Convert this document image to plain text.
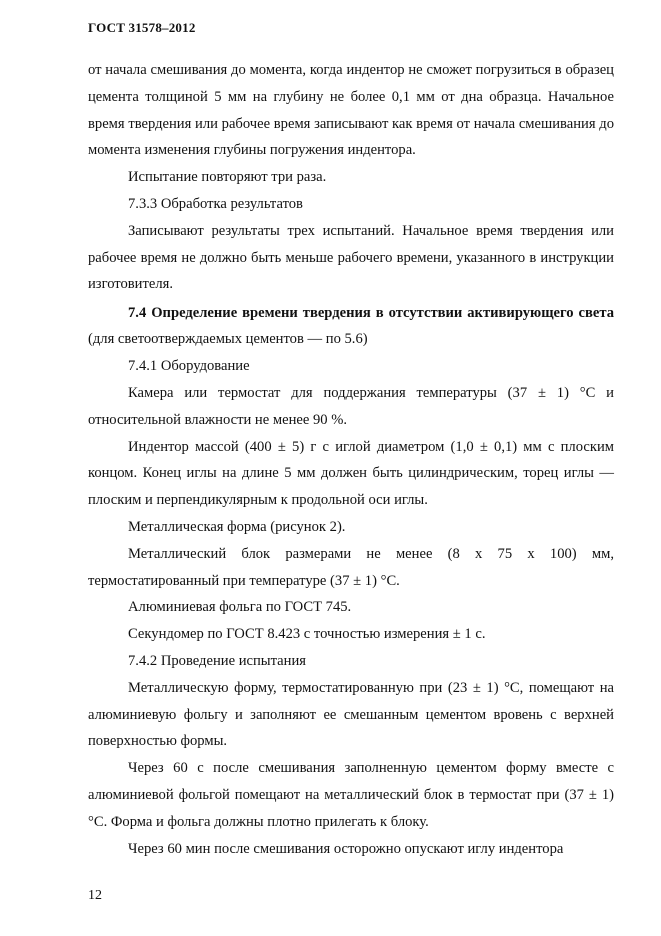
ГОСТ 31578–2012

от начала смешивания до момента, когда индентор не сможет погрузиться в образец цемента толщиной 5 мм на глубину не более 0,1 мм от дна образца. Начальное время твердения или рабочее время записывают как время от начала смешивания до момента изменения глубины погружения индентора.

Испытание повторяют три раза.

7.3.3 Обработка результатов

Записывают результаты трех испытаний. Начальное время твердения или рабочее время не должно быть меньше рабочего времени, указанного в инструкции изготовителя.

7.4 Определение времени твердения в отсутствии активирующего света (для светоотверждаемых цементов — по 5.6)

7.4.1 Оборудование

Камера или термостат для поддержания температуры (37 ± 1) °С и относительной влажности не менее 90 %.

Индентор массой (400 ± 5) г с иглой диаметром (1,0 ± 0,1) мм с плоским концом. Конец иглы на длине 5 мм должен быть цилиндрическим, торец иглы — плоским и перпендикулярным к продольной оси иглы.

Металлическая форма (рисунок 2).

Металлический блок размерами не менее (8 х 75 х 100) мм, термостатированный при температуре (37 ± 1) °С.

Алюминиевая фольга по ГОСТ 745.

Секундомер по ГОСТ 8.423 с точностью измерения ± 1 с.

7.4.2 Проведение испытания

Металлическую форму, термостатированную при (23 ± 1) °С, помещают на алюминиевую фольгу и заполняют ее смешанным цементом вровень с верхней поверхностью формы.

Через 60 с после смешивания заполненную цементом форму вместе с алюминиевой фольгой помещают на металлический блок в термостат при (37 ± 1) °С. Форма и фольга должны плотно прилегать к блоку.

Через 60 мин после смешивания осторожно опускают иглу индентора

12
